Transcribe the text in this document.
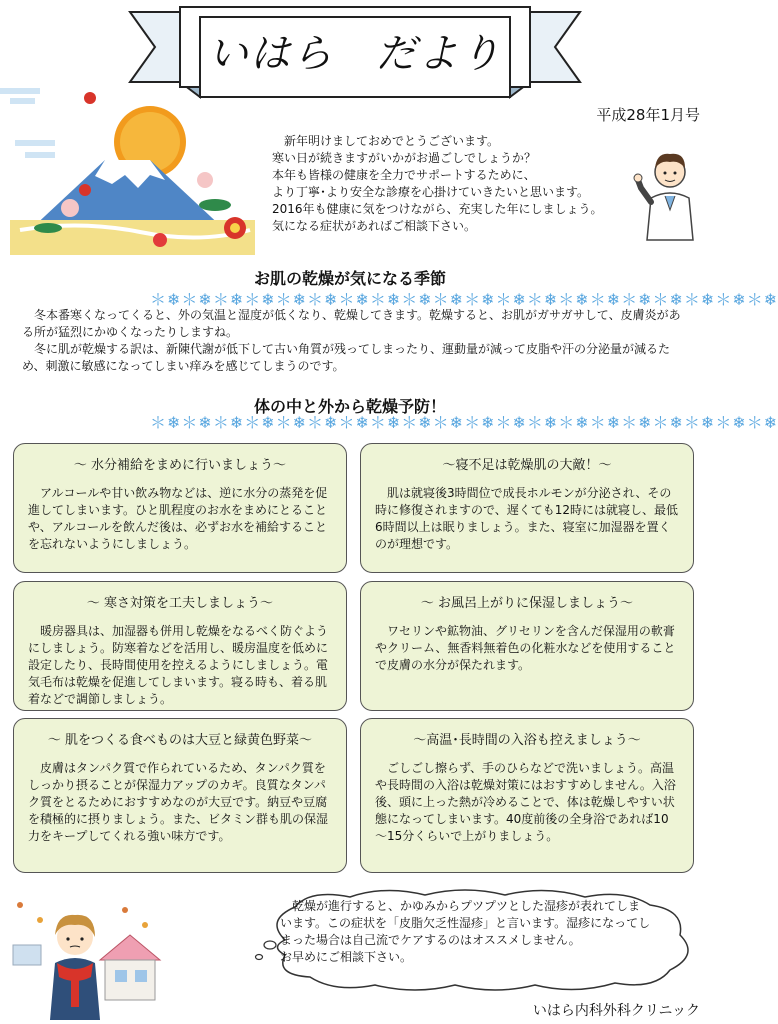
いはら　だより
平成28年1月号
新年明けましておめでとうございます。
寒い日が続きますがいかがお過ごしでしょうか？
本年も皆様の健康を全力でサポートするために、
より丁寧･より安全な診療を心掛けていきたいと思います。
2016年も健康に気をつけながら、充実した年にしましょう。
気になる症状があればご相談下さい。
お肌の乾燥が気になる季節
＊❄＊❄＊❄＊❄＊❄＊❄＊❄＊❄＊❄＊❄＊❄＊❄＊❄＊❄＊❄＊❄＊❄＊❄＊❄＊❄

冬本番寒くなってくると、外の気温と湿度が低くなり、乾燥してきます。乾燥すると、お肌がガサガサして、皮膚炎がある所が猛烈にかゆくなったりしますね。

冬に肌が乾燥する訳は、新陳代謝が低下して古い角質が残ってしまったり、運動量が減って皮脂や汗の分泌量が減るため、刺激に敏感になってしまい痒みを感じてしまうのです。

体の中と外から乾燥予防！
＊❄＊❄＊❄＊❄＊❄＊❄＊❄＊❄＊❄＊❄＊❄＊❄＊❄＊❄＊❄＊❄＊❄＊❄＊❄＊❄
～ 水分補給をまめに行いましょう～
アルコールや甘い飲み物などは、逆に水分の蒸発を促進してしまいます。ひと肌程度のお水をまめにとることや、アルコールを飲んだ後は、必ずお水を補給することを忘れないようにしましょう。
～寝不足は乾燥肌の大敵！～
肌は就寝後3時間位で成長ホルモンが分泌され、その時に修復されますので、遅くても12時には就寝し、最低6時間以上は眠りましょう。また、寝室に加湿器を置くのが理想です。
～ 寒さ対策を工夫しましょう～
暖房器具は、加湿器も併用し乾燥をなるべく防ぐようにしましょう。防寒着などを活用し、暖房温度を低めに設定したり、長時間使用を控えるようにしましょう。電気毛布は乾燥を促進してしまいます。寝る時も、着る肌着などで調節しましょう。
～ お風呂上がりに保湿しましょう～
ワセリンや鉱物油、グリセリンを含んだ保湿用の軟膏やクリーム、無香料無着色の化粧水などを使用することで皮膚の水分が保たれます。
～ 肌をつくる食べものは大豆と緑黄色野菜～
皮膚はタンパク質で作られているため、タンパク質をしっかり摂ることが保湿力アップのカギ。良質なタンパク質をとるためにおすすめなのが大豆です。納豆や豆腐を積極的に摂りましょう。また、ビタミン群も肌の保湿力をキープしてくれる強い味方です。
～高温･長時間の入浴も控えましょう～
ごしごし擦らず、手のひらなどで洗いましょう。高温や長時間の入浴は乾燥対策にはおすすめしません。入浴後、頭に上った熱が冷めることで、体は乾燥しやすい状態になってしまいます。40度前後の全身浴であれば10～15分くらいで上がりましょう。
乾燥が進行すると、かゆみからプツプツとした湿疹が表れてしま
います。この症状を「皮脂欠乏性湿疹」と言います。湿疹になってし
まった場合は自己流でケアするのはオススメしません。
お早めにご相談下さい。
いはら内科外科クリニック
